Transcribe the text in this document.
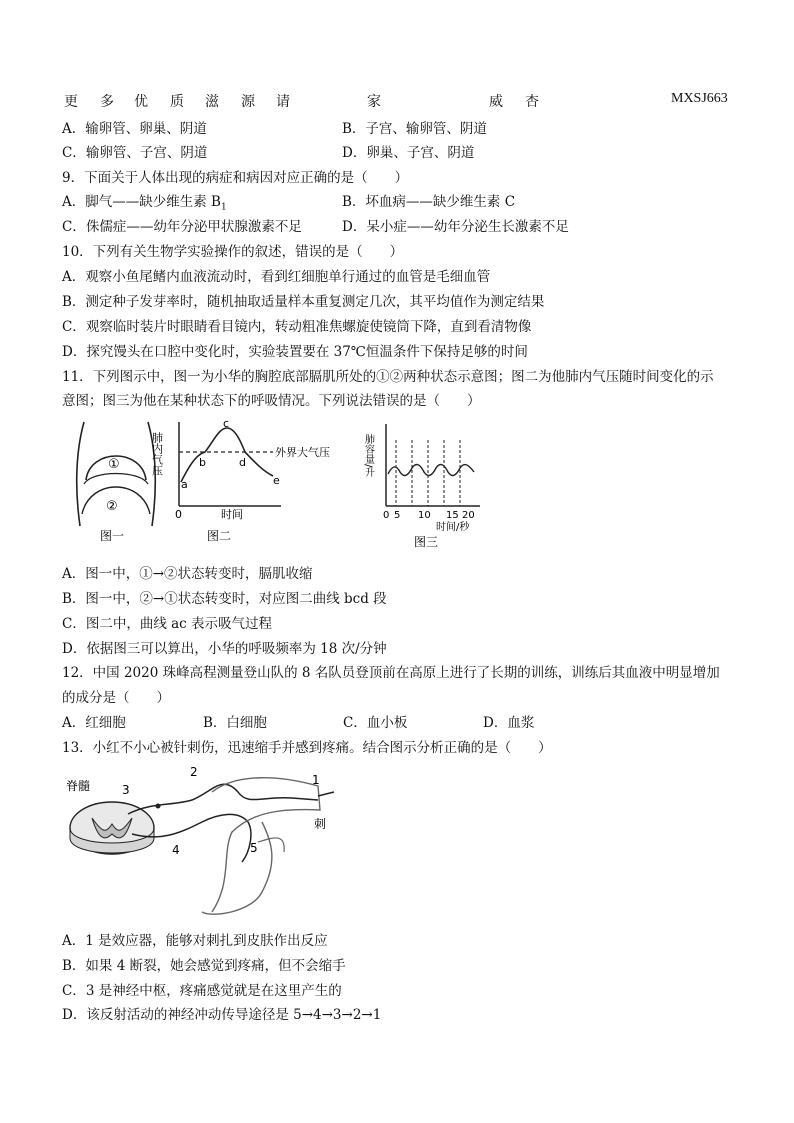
更 多 优 质 滋 源 请	家	威 杏	MXSJ663
A．输卵管、卵巢、阴道	B．子宫、输卵管、阴道
C．输卵管、子宫、阴道	D．卵巢、子宫、阴道
9．下面关于人体出现的病症和病因对应正确的是（　　）
A．脚气——缺少维生素 $B_1$	B．坏血病——缺少维生素 C
C．侏儒症——幼年分泌甲状腺激素不足	D．呆小症——幼年分泌生长激素不足
10．下列有关生物学实验操作的叙述，错误的是（　　）
A．观察小鱼尾鳍内血液流动时，看到红细胞单行通过的血管是毛细血管
B．测定种子发芽率时，随机抽取适量样本重复测定几次，其平均值作为测定结果
C．观察临时装片时眼睛看目镜内，转动粗准焦螺旋使镜筒下降，直到看清物像
D．探究馒头在口腔中变化时，实验装置要在 37℃恒温条件下保持足够的时间
11．下列图示中，图一为小华的胸腔底部膈肌所处的①②两种状态示意图；图二为他肺内气压随时间变化的示
意图；图三为他在某种状态下的呼吸情况。下列说法错误的是（　　）
①
②
图一
肺内气压	外界大气压
a
b
c
d
e
0	时间
图二
肺容量/升
0 5 10 15 20
时间/秒
图三
A．图一中，①→②状态转变时，膈肌收缩
B．图一中，②→①状态转变时，对应图二曲线 bcd 段
C．图二中，曲线 ac 表示吸气过程
D．依据图三可以算出，小华的呼吸频率为 18 次/分钟
12．中国 2020 珠峰高程测量登山队的 8 名队员登顶前在高原上进行了长期的训练，训练后其血液中明显增加
的成分是（　　）
A．红细胞	B．白细胞	C．血小板	D．血浆
13．小红不小心被针刺伤，迅速缩手并感到疼痛。结合图示分析正确的是（　　）
脊髓	3
2
1
刺
4	5
A．1 是效应器，能够对刺扎到皮肤作出反应
B．如果 4 断裂，她会感觉到疼痛，但不会缩手
C．3 是神经中枢，疼痛感觉就是在这里产生的
D．该反射活动的神经冲动传导途径是 5→4→3→2→1
